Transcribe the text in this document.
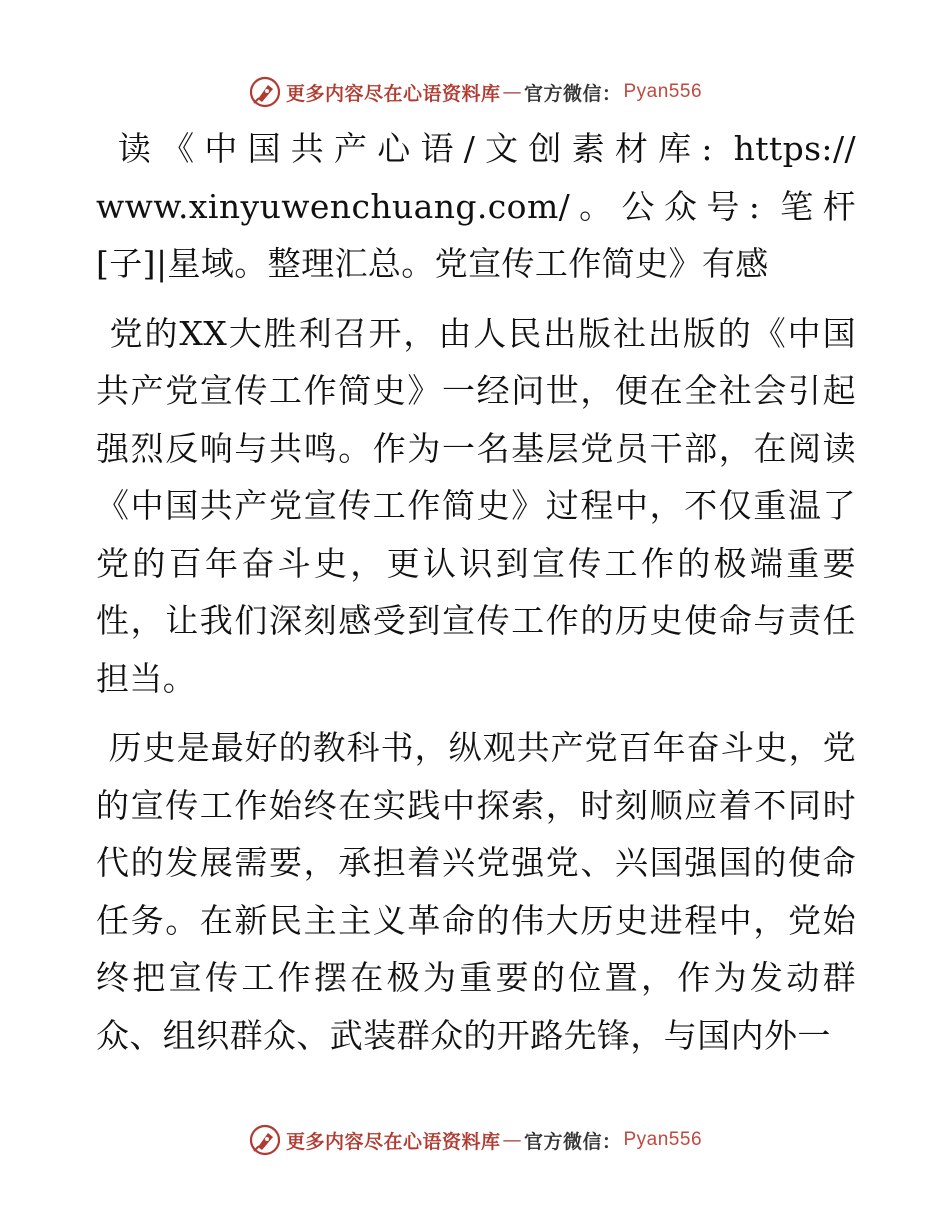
更多内容尽在心语资料库 — 官方微信： Pyan556

读《中国共产心语/文创素材库: https:// www.xinyuwenchuang.com/。公众号: 笔杆[子]|星域。整理汇总。党宣传工作简史》有感

党的XX大胜利召开，由人民出版社出版的《中国共产党宣传工作简史》一经问世，便在全社会引起强烈反响与共鸣。作为一名基层党员干部，在阅读《中国共产党宣传工作简史》过程中，不仅重温了党的百年奋斗史，更认识到宣传工作的极端重要性，让我们深刻感受到宣传工作的历史使命与责任担当。

历史是最好的教科书，纵观共产党百年奋斗史，党的宣传工作始终在实践中探索，时刻顺应着不同时代的发展需要，承担着兴党强党、兴国强国的使命任务。在新民主主义革命的伟大历史进程中，党始终把宣传工作摆在极为重要的位置，作为发动群众、组织群众、武装群众的开路先锋，与国内外一

更多内容尽在心语资料库 — 官方微信： Pyan556
